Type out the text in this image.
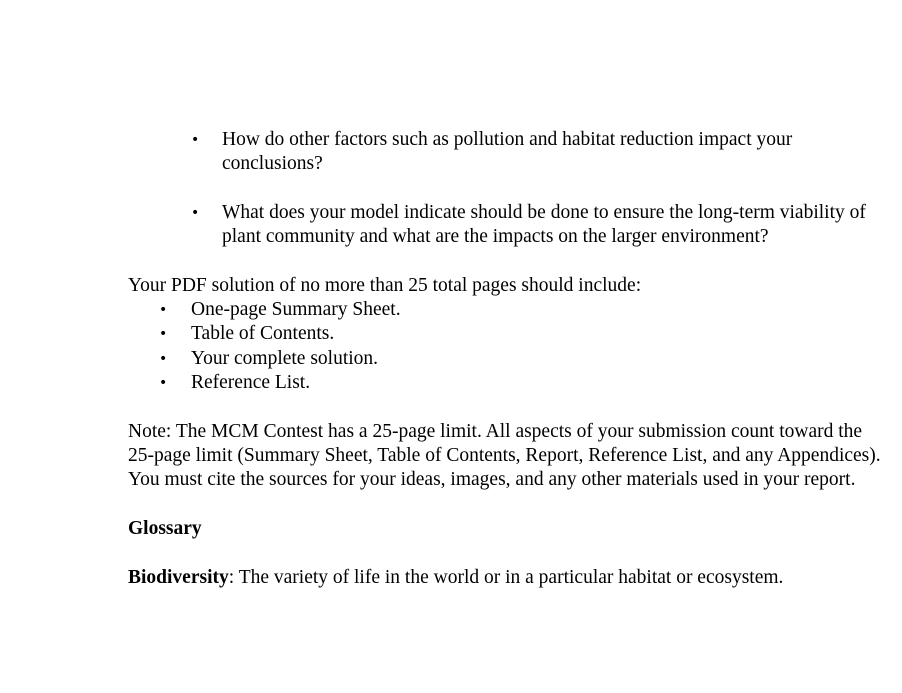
• How do other factors such as pollution and habitat reduction impact your
conclusions?
• What does your model indicate should be done to ensure the long-term viability of
plant community and what are the impacts on the larger environment?
Your PDF solution of no more than 25 total pages should include:
• One-page Summary Sheet.
• Table of Contents.
• Your complete solution.
• Reference List.
Note: The MCM Contest has a 25-page limit. All aspects of your submission count toward the
25-page limit (Summary Sheet, Table of Contents, Report, Reference List, and any Appendices).
You must cite the sources for your ideas, images, and any other materials used in your report.
Glossary
Biodiversity: The variety of life in the world or in a particular habitat or ecosystem.
